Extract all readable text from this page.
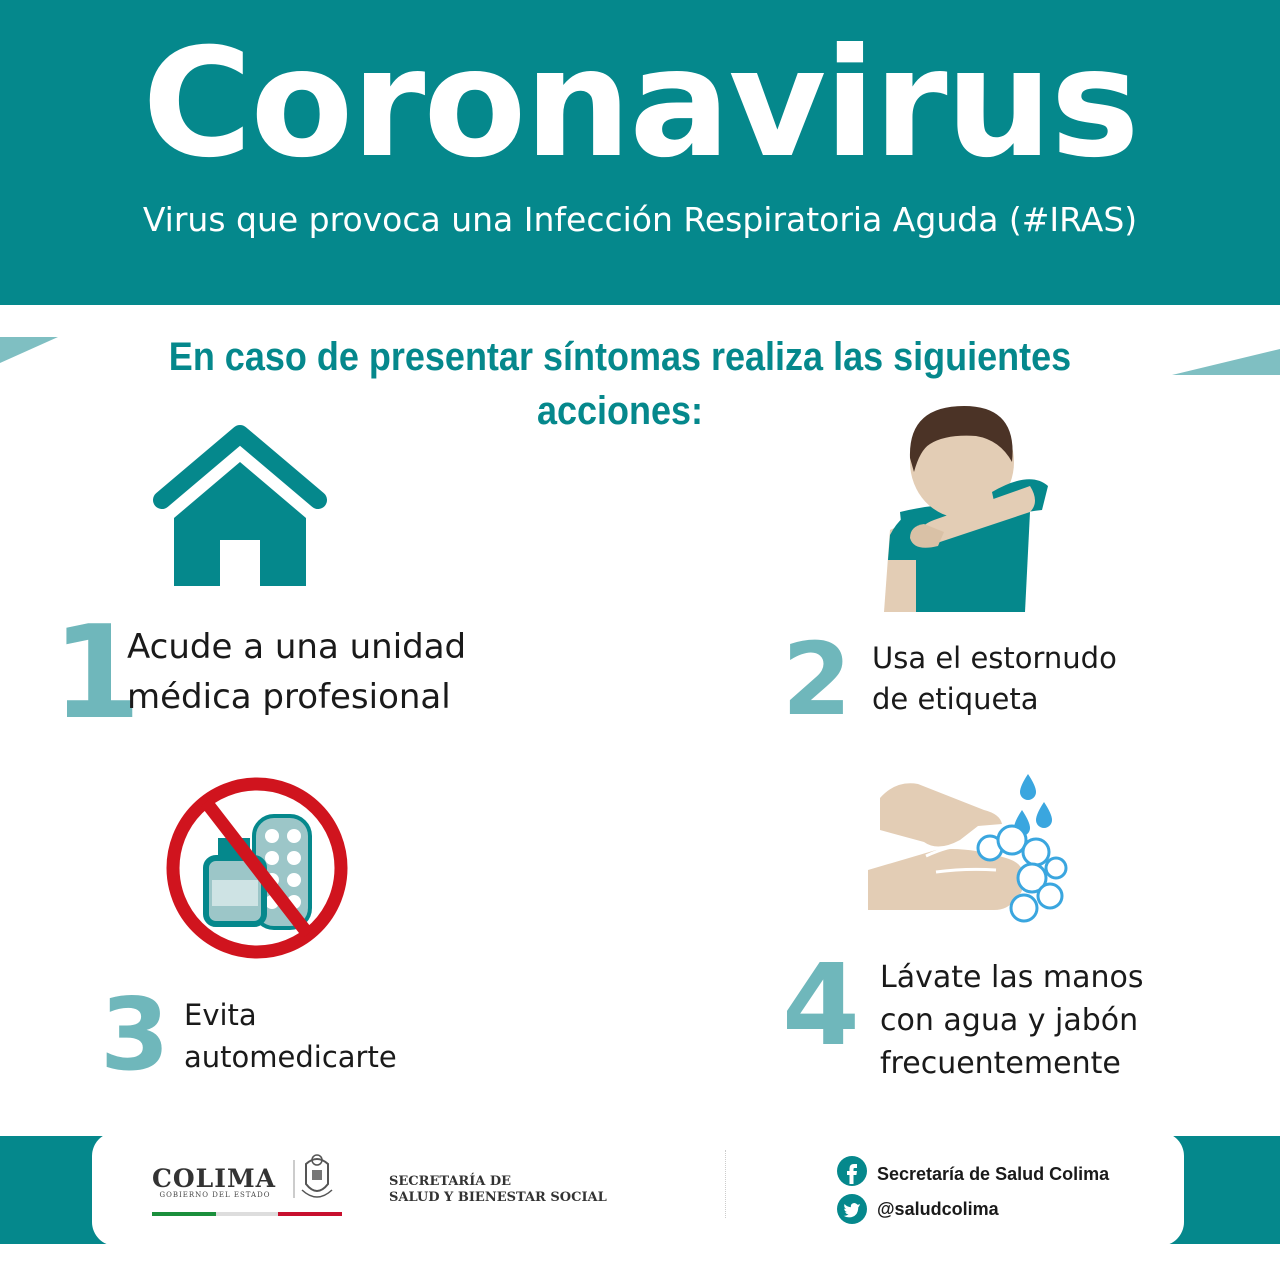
Coronavirus
Virus que provoca una Infección Respiratoria Aguda (#IRAS)
En caso de presentar síntomas realiza las siguientes acciones:
1
Acude a una unidad
médica profesional	2 Usa el estornudo
de etiqueta
3 Evita
automedicarte	4 Lávate las manos
con agua y jabón
frecuentemente
COLIMA
GOBIERNO DEL ESTADO
SECRETARÍA DE
SALUD Y BIENESTAR SOCIAL
Secretaría de Salud Colima
@saludcolima
